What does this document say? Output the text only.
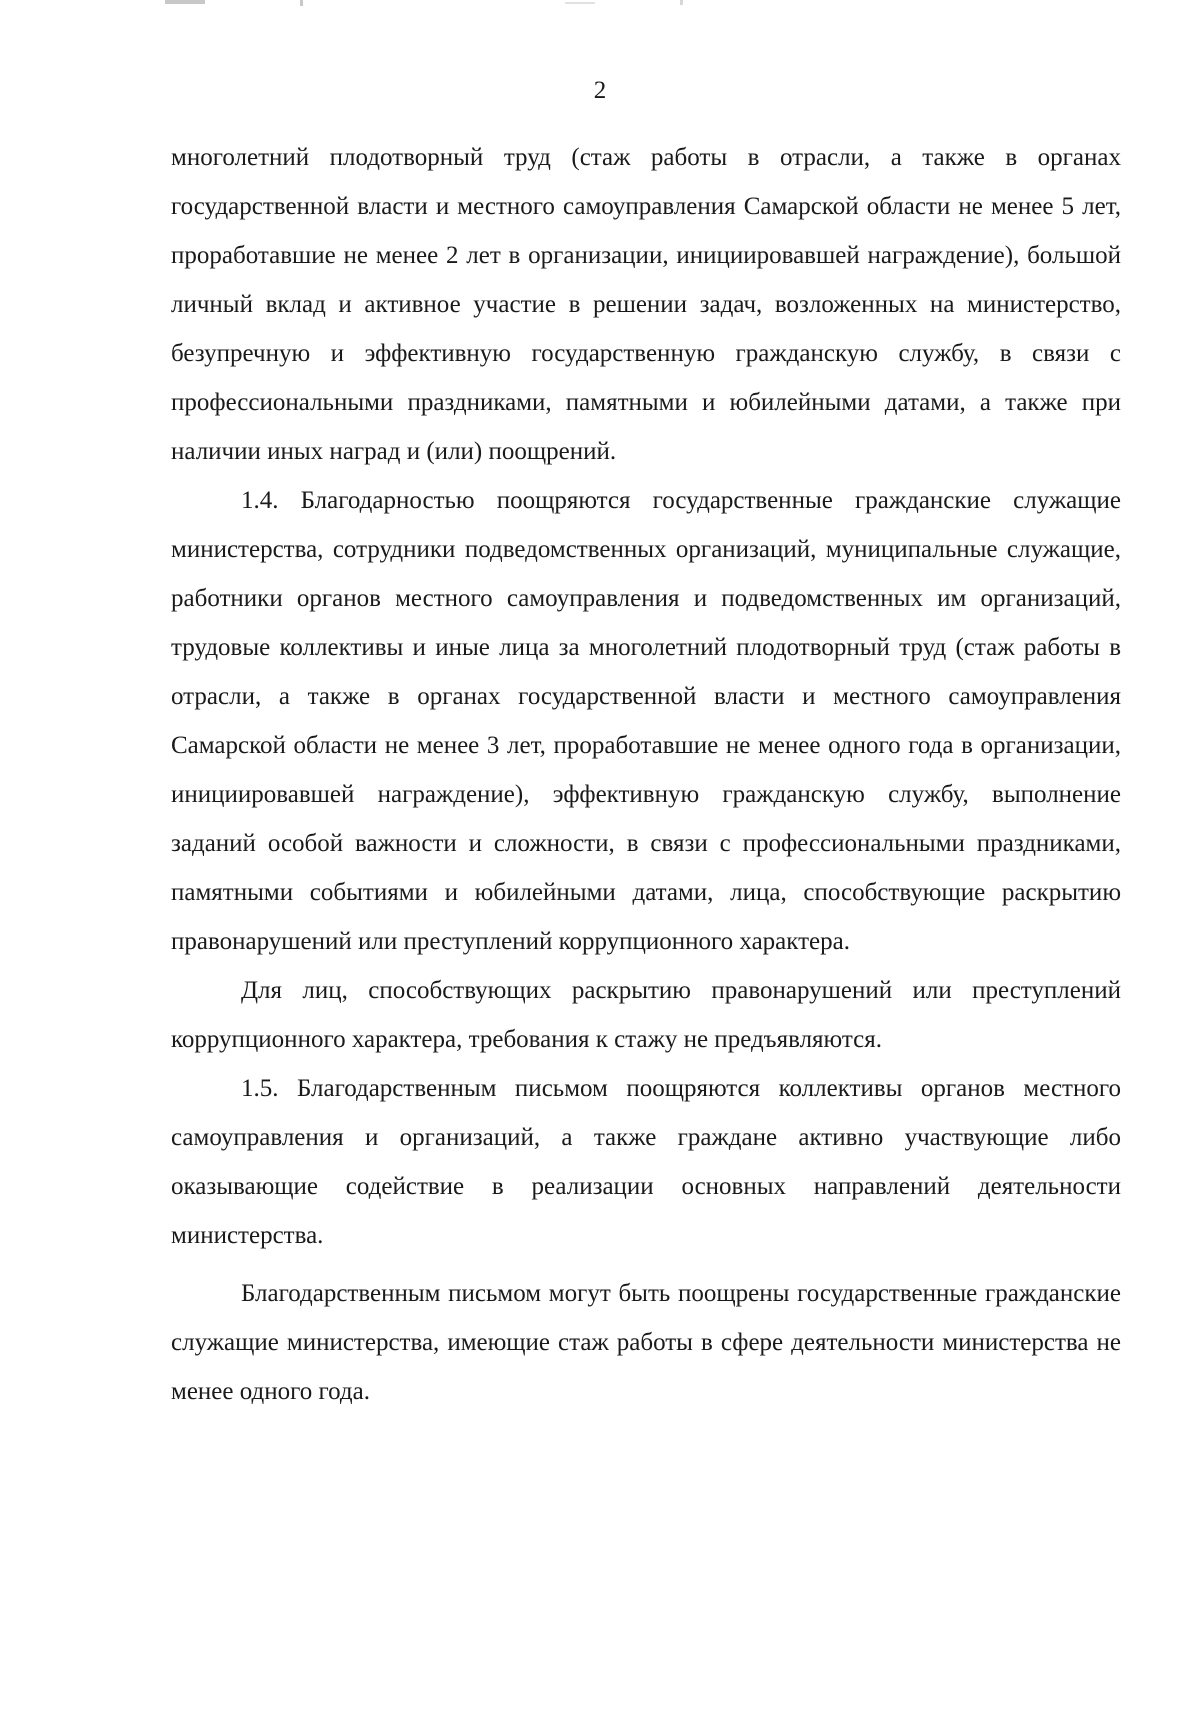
2

многолетний плодотворный труд (стаж работы в отрасли, а также в органах государственной власти и местного самоуправления Самарской области не менее 5 лет, проработавшие не менее 2 лет в организации, инициировавшей награждение), большой личный вклад и активное участие в решении задач, возложенных на министерство, безупречную и эффективную государственную гражданскую службу, в связи с профессиональными праздниками, памятными и юбилейными датами, а также при наличии иных наград и (или) поощрений.

1.4. Благодарностью поощряются государственные гражданские служащие министерства, сотрудники подведомственных организаций, муниципальные служащие, работники органов местного самоуправления и подведомственных им организаций, трудовые коллективы и иные лица за многолетний плодотворный труд (стаж работы в отрасли, а также в органах государственной власти и местного самоуправления Самарской области не менее 3 лет, проработавшие не менее одного года в организации, инициировавшей награждение), эффективную гражданскую службу, выполнение заданий особой важности и сложности, в связи с профессиональными праздниками, памятными событиями и юбилейными датами, лица, способствующие раскрытию правонарушений или преступлений коррупционного характера.

Для лиц, способствующих раскрытию правонарушений или преступлений коррупционного характера, требования к стажу не предъявляются.

1.5. Благодарственным письмом поощряются коллективы органов местного самоуправления и организаций, а также граждане активно участвующие либо оказывающие содействие в реализации основных направлений деятельности министерства.

Благодарственным письмом могут быть поощрены государственные гражданские служащие министерства, имеющие стаж работы в сфере деятельности министерства не менее одного года.
